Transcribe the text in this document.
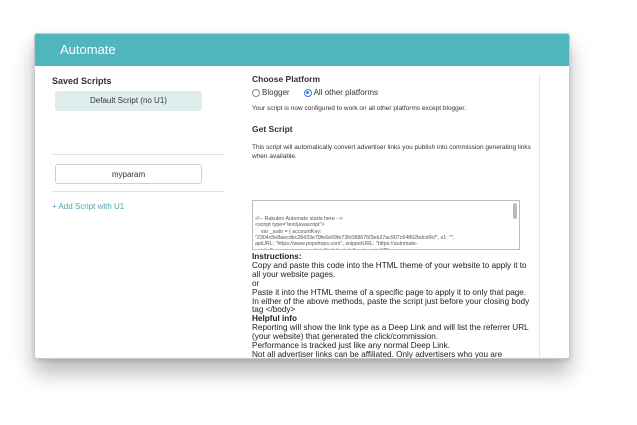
Automate
Saved Scripts
Default Script (no U1)
myparam
+ Add Script with U1
Choose Platform
Blogger	All other platforms
Your script is now configured to work on all other platforms except blogger.
Get Script
This script will automatically convert advertiser links you publish into commission generating links when available.

<!-- Rakuten Automate starts here -->
<script type="text/javascript">
var _auto = { accountKey:
"2304c8e8aecdbc28433e79fe6e09fe73fc088675f3eb37ac907c64802bdcd9cf", s1: "",
apiURL: "https://www.popshops.com", snippetURL: "https://automate-

Instructions:
Copy and paste this code into the HTML theme of your website to apply it to all your website pages.
or
Paste it into the HTML theme of a specific page to apply it to only that page.
In either of the above methods, paste the script just before your closing body tag </body>
Helpful info
Reporting will show the link type as a Deep Link and will list the referrer URL (your website) that generated the click/commission.
Performance is tracked just like any normal Deep Link.
Not all advertiser links can be affiliated. Only advertisers who you are
